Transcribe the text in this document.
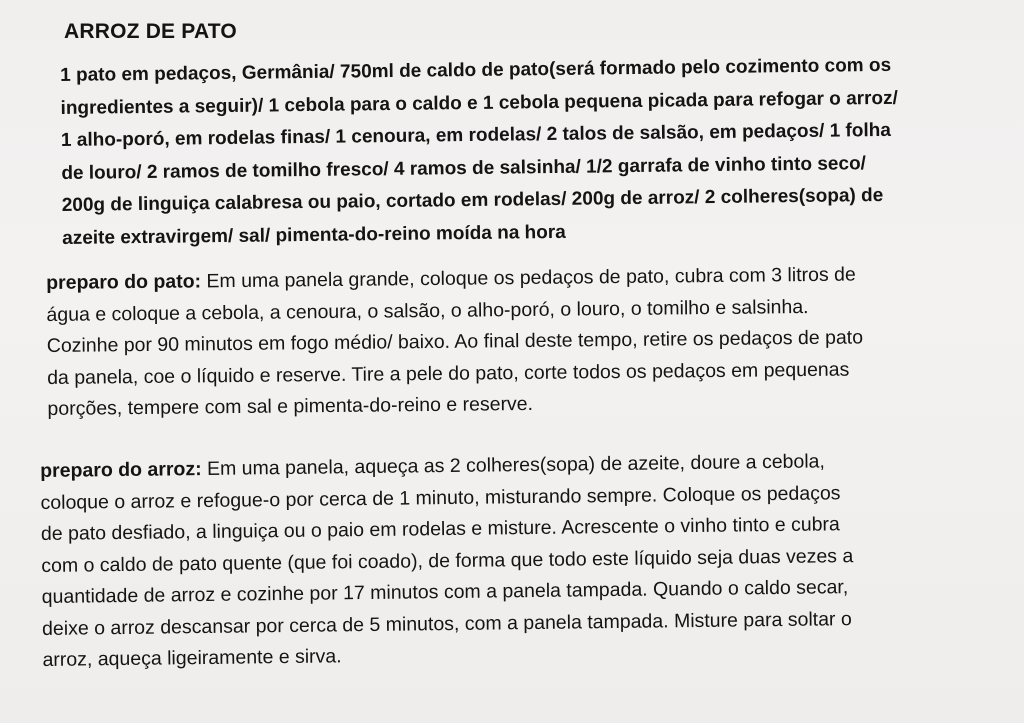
ARROZ DE PATO
1 pato em pedaços, Germânia/ 750ml de caldo de pato(será formado pelo cozimento com os
ingredientes a seguir)/ 1 cebola para o caldo e 1 cebola pequena picada para refogar o arroz/
1 alho-poró, em rodelas finas/ 1 cenoura, em rodelas/ 2 talos de salsão, em pedaços/ 1 folha
de louro/ 2 ramos de tomilho fresco/ 4 ramos de salsinha/ 1/2 garrafa de vinho tinto seco/
200g de linguiça calabresa ou paio, cortado em rodelas/ 200g de arroz/ 2 colheres(sopa) de
azeite extravirgem/ sal/ pimenta-do-reino moída na hora
preparo do pato: Em uma panela grande, coloque os pedaços de pato, cubra com 3 litros de
água e coloque a cebola, a cenoura, o salsão, o alho-poró, o louro, o tomilho e salsinha.
Cozinhe por 90 minutos em fogo médio/ baixo. Ao final deste tempo, retire os pedaços de pato
da panela, coe o líquido e reserve. Tire a pele do pato, corte todos os pedaços em pequenas
porções, tempere com sal e pimenta-do-reino e reserve.
preparo do arroz: Em uma panela, aqueça as 2 colheres(sopa) de azeite, doure a cebola,
coloque o arroz e refogue-o por cerca de 1 minuto, misturando sempre. Coloque os pedaços
de pato desfiado, a linguiça ou o paio em rodelas e misture. Acrescente o vinho tinto e cubra
com o caldo de pato quente (que foi coado), de forma que todo este líquido seja duas vezes a
quantidade de arroz e cozinhe por 17 minutos com a panela tampada. Quando o caldo secar,
deixe o arroz descansar por cerca de 5 minutos, com a panela tampada. Misture para soltar o
arroz, aqueça ligeiramente e sirva.
